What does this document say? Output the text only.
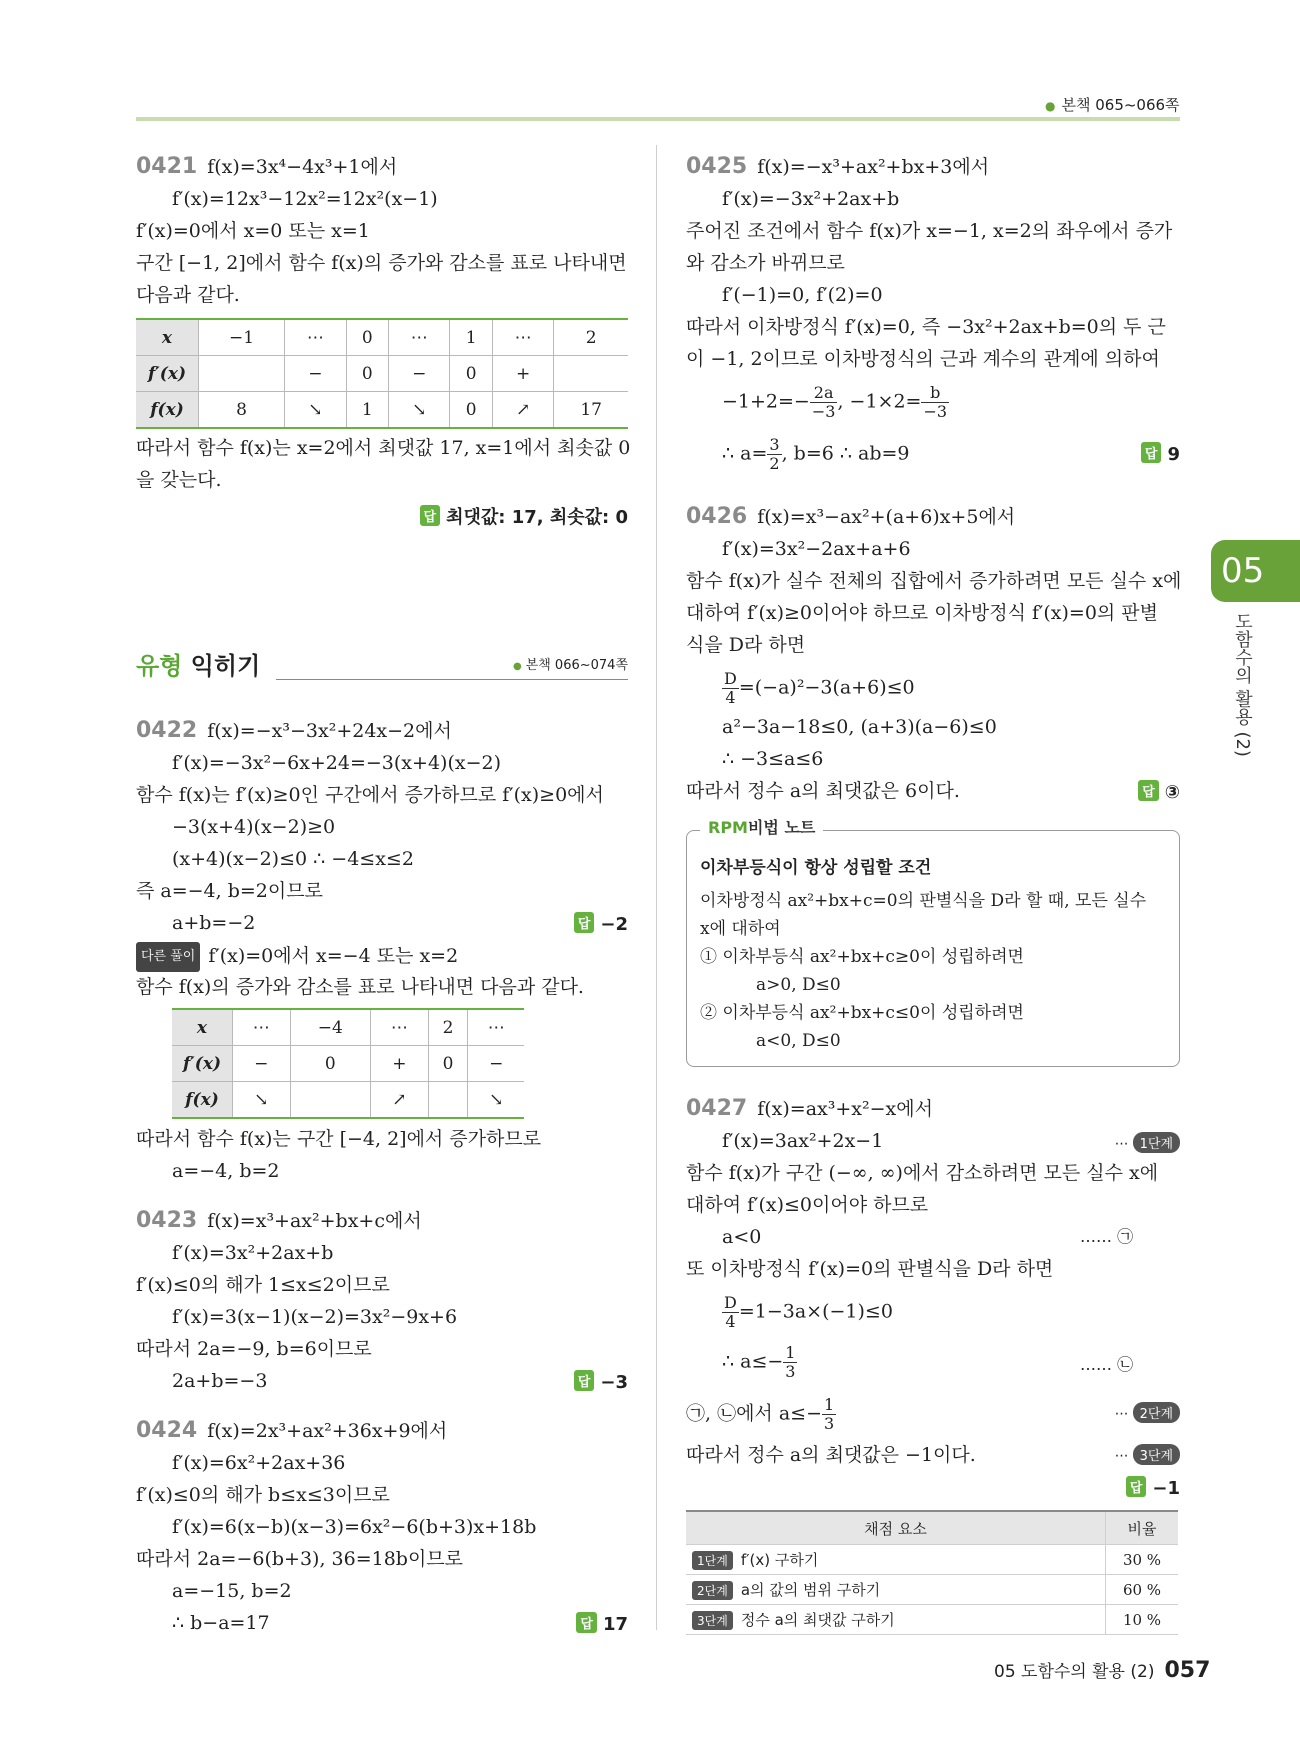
● 본책 065~066쪽
05
도함수의 활용 (2)
0421 f(x)=3x⁴−4x³+1에서
f′(x)=12x³−12x²=12x²(x−1)
f′(x)=0에서 x=0 또는 x=1
구간 [−1, 2]에서 함수 f(x)의 증가와 감소를 표로 나타내면
다음과 같다.
x	−1	⋯	0	⋯	1	⋯	2
f′(x)		−	0	−	0	+	
f(x)	8	↘	1	↘	0	↗	17
따라서 함수 f(x)는 x=2에서 최댓값 17, x=1에서 최솟값 0
을 갖는다.
답 최댓값: 17, 최솟값: 0
유형 익히기	● 본책 066~074쪽
0422 f(x)=−x³−3x²+24x−2에서
f′(x)=−3x²−6x+24=−3(x+4)(x−2)
함수 f(x)는 f′(x)≥0인 구간에서 증가하므로 f′(x)≥0에서
−3(x+4)(x−2)≥0
(x+4)(x−2)≤0 ∴ −4≤x≤2
즉 a=−4, b=2이므로
a+b=−2	답 −2
다른 풀이 f′(x)=0에서 x=−4 또는 x=2
함수 f(x)의 증가와 감소를 표로 나타내면 다음과 같다.
x	⋯	−4	⋯	2	⋯
f′(x)	−	0	+	0	−
f(x)	↘		↗		↘
따라서 함수 f(x)는 구간 [−4, 2]에서 증가하므로
a=−4, b=2
0423 f(x)=x³+ax²+bx+c에서
f′(x)=3x²+2ax+b
f′(x)≤0의 해가 1≤x≤2이므로
f′(x)=3(x−1)(x−2)=3x²−9x+6
따라서 2a=−9, b=6이므로
2a+b=−3	답 −3
0424 f(x)=2x³+ax²+36x+9에서
f′(x)=6x²+2ax+36
f′(x)≤0의 해가 b≤x≤3이므로
f′(x)=6(x−b)(x−3)=6x²−6(b+3)x+18b
따라서 2a=−6(b+3), 36=18b이므로
a=−15, b=2
∴ b−a=17	답 17
0425 f(x)=−x³+ax²+bx+3에서
f′(x)=−3x²+2ax+b
주어진 조건에서 함수 f(x)가 x=−1, x=2의 좌우에서 증가
와 감소가 바뀌므로
f′(−1)=0, f′(2)=0
따라서 이차방정식 f′(x)=0, 즉 −3x²+2ax+b=0의 두 근
이 −1, 2이므로 이차방정식의 근과 계수의 관계에 의하여
$-1+2=- \frac{2a}{-3}$ , $-1\times 2= \frac{b}{-3}$
∴ $a= \frac{3}{2}$ , b=6 ∴ ab=9	답 9
0426 f(x)=x³−ax²+(a+6)x+5에서
f′(x)=3x²−2ax+a+6
함수 f(x)가 실수 전체의 집합에서 증가하려면 모든 실수 x에
대하여 f′(x)≥0이어야 하므로 이차방정식 f′(x)=0의 판별
식을 D라 하면
$\frac{D}{4} =(-a)^2-3(a+6)\le 0$
a²−3a−18≤0, (a+3)(a−6)≤0
∴ −3≤a≤6
따라서 정수 a의 최댓값은 6이다.	답 ③
RPM비법 노트
이차부등식이 항상 성립할 조건
이차방정식 ax²+bx+c=0의 판별식을 D라 할 때, 모든 실수
x에 대하여
① 이차부등식 ax²+bx+c≥0이 성립하려면
a>0, D≤0
② 이차부등식 ax²+bx+c≤0이 성립하려면
a<0, D≤0
0427 f(x)=ax³+x²−x에서
f′(x)=3ax²+2x−1	⋯ 1단계
함수 f(x)가 구간 (−∞, ∞)에서 감소하려면 모든 실수 x에
대하여 f′(x)≤0이어야 하므로
a<0	…… ㉠
또 이차방정식 f′(x)=0의 판별식을 D라 하면
$\frac{D}{4} =1-3a\times(-1)\le 0$
∴ $a\le- \frac{1}{3}$	…… ㉡
㉠, ㉡에서 $a\le- \frac{1}{3}$	⋯ 2단계
따라서 정수 a의 최댓값은 −1이다.	⋯ 3단계
답 −1
채점 요소	비율
1단계 f′(x) 구하기	30 %
2단계 a의 값의 범위 구하기	60 %
3단계 정수 a의 최댓값 구하기	10 %
05 도함수의 활용 (2) 057
